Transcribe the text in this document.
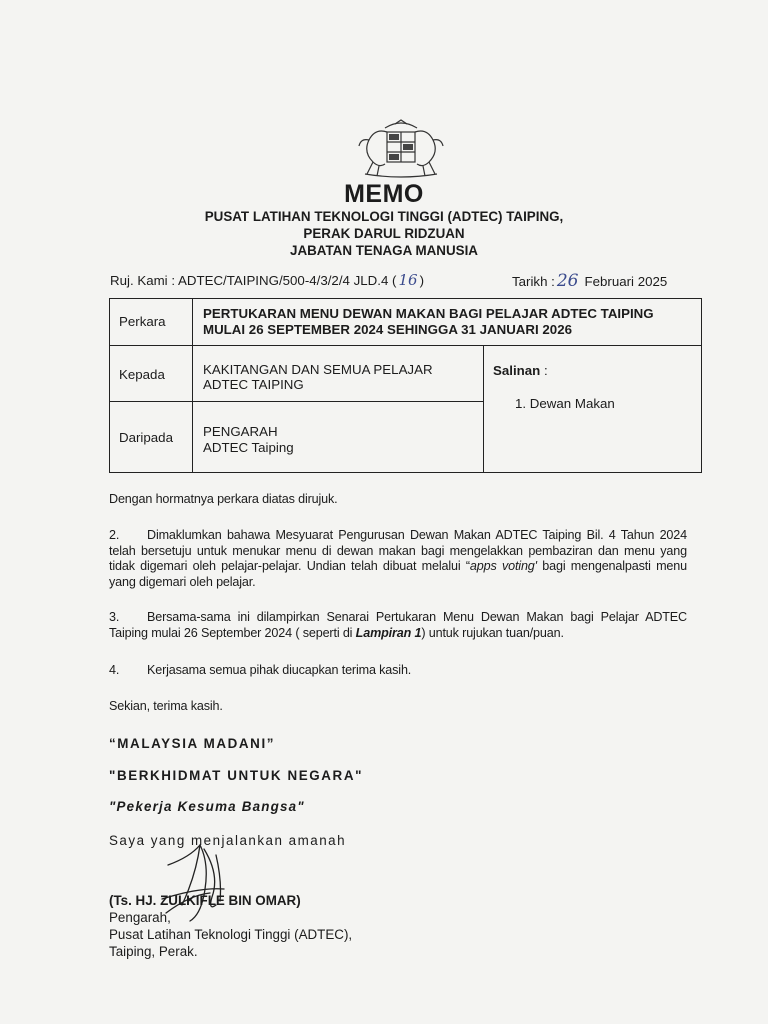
MEMO
PUSAT LATIHAN TEKNOLOGI TINGGI (ADTEC) TAIPING,
PERAK DARUL RIDZUAN
JABATAN TENAGA MANUSIA
Ruj. Kami : ADTEC/TAIPING/500-4/3/2/4 JLD.4 ( 16 )	Tarikh : 26 Februari 2025
Perkara
PERTUKARAN MENU DEWAN MAKAN BAGI PELAJAR ADTEC TAIPING
MULAI 26 SEPTEMBER 2024 SEHINGGA 31 JANUARI 2026
Kepada	KAKITANGAN DAN SEMUA PELAJAR
ADTEC TAIPING
Daripada PENGARAH
ADTEC Taiping
Salinan :
1. Dewan Makan
Dengan hormatnya perkara diatas dirujuk.
2. Dimaklumkan bahawa Mesyuarat Pengurusan Dewan Makan ADTEC Taiping Bil. 4 Tahun 2024 telah bersetuju untuk menukar menu di dewan makan bagi mengelakkan pembaziran dan menu yang tidak digemari oleh pelajar-pelajar. Undian telah dibuat melalui “apps voting' bagi mengenalpasti menu yang digemari oleh pelajar.
3. Bersama-sama ini dilampirkan Senarai Pertukaran Menu Dewan Makan bagi Pelajar ADTEC Taiping mulai 26 September 2024 ( seperti di Lampiran 1) untuk rujukan tuan/puan.
4. Kerjasama semua pihak diucapkan terima kasih.
Sekian, terima kasih.
“MALAYSIA MADANI”
"BERKHIDMAT UNTUK NEGARA"
"Pekerja Kesuma Bangsa"
Saya yang menjalankan amanah
(Ts. HJ. ZULKIFLE BIN OMAR)
Pengarah,
Pusat Latihan Teknologi Tinggi (ADTEC),
Taiping, Perak.
